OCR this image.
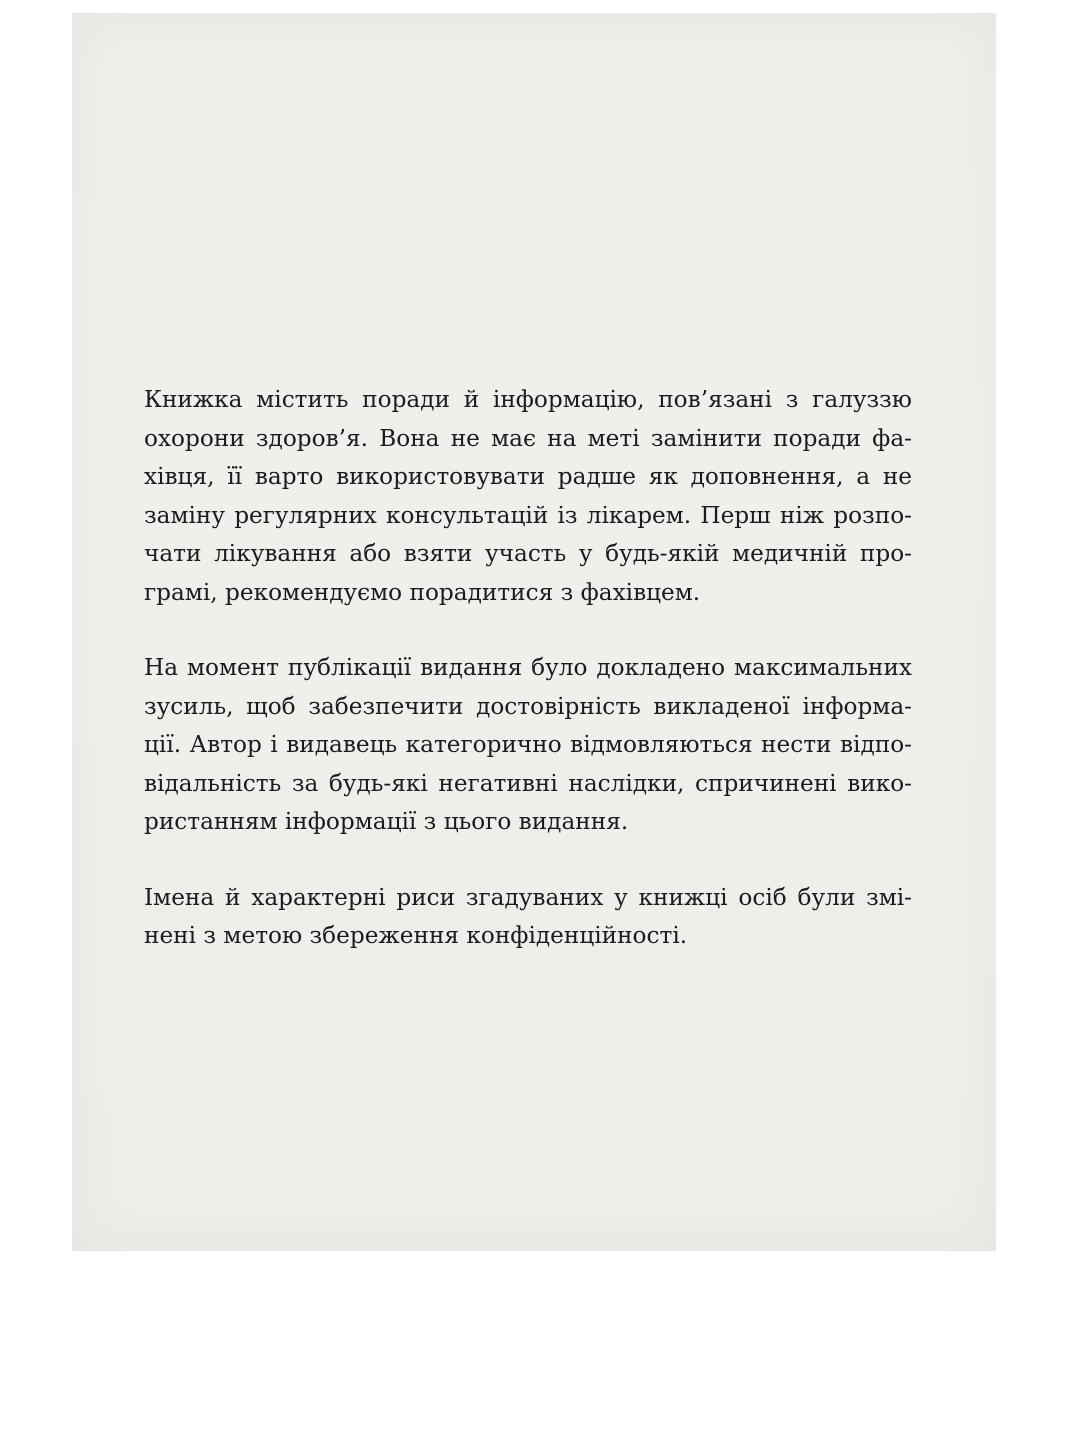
Книжка містить поради й інформацію, пов’язані з галуззю
охорони здоров’я. Вона не має на меті замінити поради фа-
хівця, її варто використовувати радше як доповнення, а не
заміну регулярних консультацій із лікарем. Перш ніж розпо-
чати лікування або взяти участь у будь-якій медичній про-
грамі, рекомендуємо порадитися з фахівцем.

На момент публікації видання було докладено максимальних
зусиль, щоб забезпечити достовірність викладеної інформа-
ції. Автор і видавець категорично відмовляються нести відпо-
відальність за будь-які негативні наслідки, спричинені вико-
ристанням інформації з цього видання.

Імена й характерні риси згадуваних у книжці осіб були змі-
нені з метою збереження конфіденційності.
